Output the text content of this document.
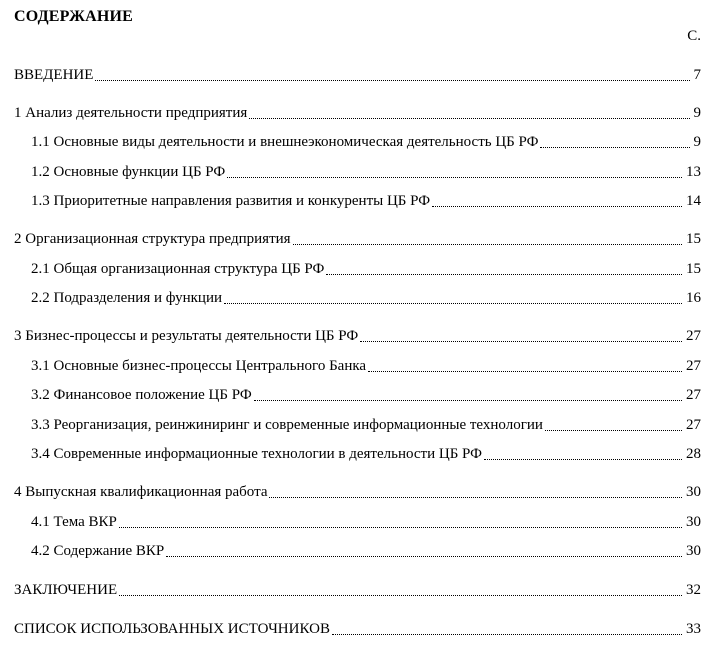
СОДЕРЖАНИЕ
С.
ВВЕДЕНИЕ	7
1 Анализ деятельности предприятия	9
1.1 Основные виды деятельности и внешнеэкономическая деятельность ЦБ РФ	9
1.2 Основные функции ЦБ РФ	13
1.3 Приоритетные направления развития и конкуренты ЦБ РФ	14
2 Организационная структура предприятия	15
2.1 Общая организационная структура ЦБ РФ	15
2.2 Подразделения и функции	16
3 Бизнес-процессы и результаты деятельности ЦБ РФ	27
3.1 Основные бизнес-процессы Центрального Банка	27
3.2 Финансовое положение ЦБ РФ	27
3.3 Реорганизация, реинжиниринг и современные информационные технологии	27
3.4 Современные информационные технологии в деятельности ЦБ РФ	28
4 Выпускная квалификационная работа	30
4.1 Тема ВКР	30
4.2 Содержание ВКР	30
ЗАКЛЮЧЕНИЕ	32
СПИСОК ИСПОЛЬЗОВАННЫХ ИСТОЧНИКОВ	33
